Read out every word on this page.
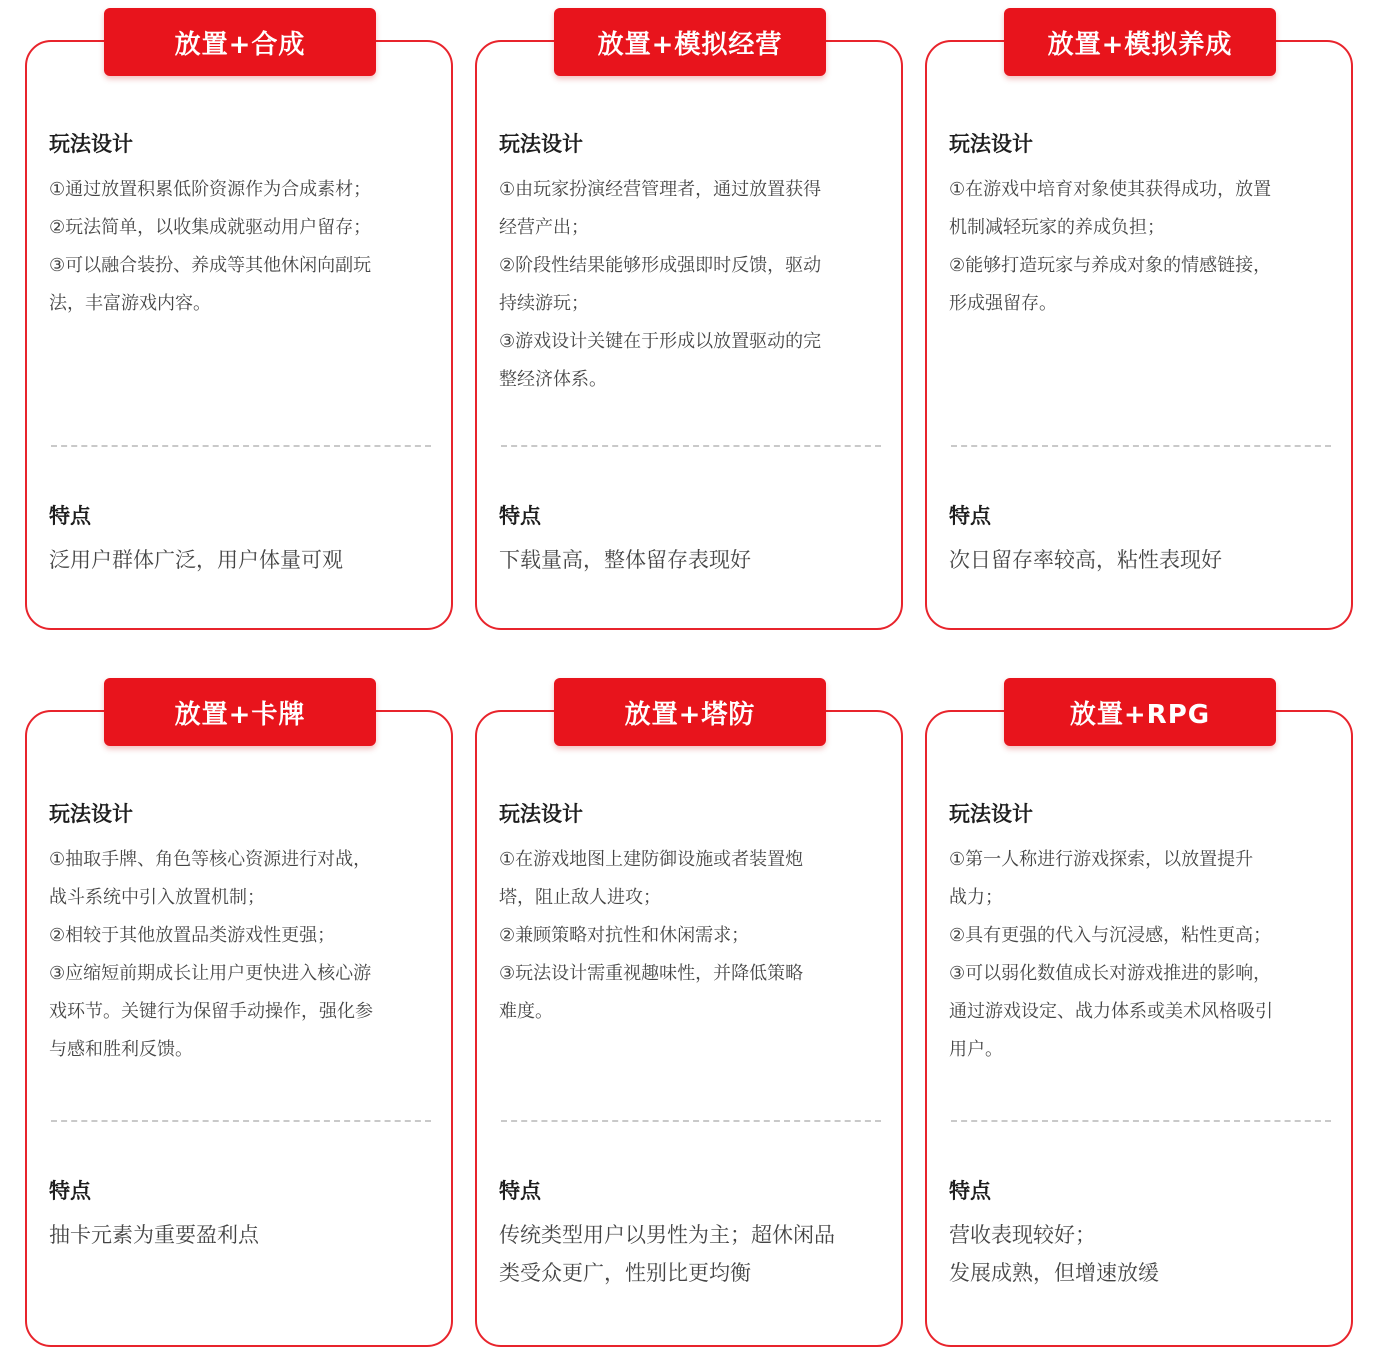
放置+合成
玩法设计
①通过放置积累低阶资源作为合成素材；
②玩法简单，以收集成就驱动用户留存；
③可以融合装扮、养成等其他休闲向副玩
法，丰富游戏内容。
特点
泛用户群体广泛，用户体量可观
放置+模拟经营
玩法设计
①由玩家扮演经营管理者，通过放置获得
经营产出；
②阶段性结果能够形成强即时反馈，驱动
持续游玩；
③游戏设计关键在于形成以放置驱动的完
整经济体系。
特点
下载量高，整体留存表现好
放置+模拟养成
玩法设计
①在游戏中培育对象使其获得成功，放置
机制减轻玩家的养成负担；
②能够打造玩家与养成对象的情感链接，
形成强留存。
特点
次日留存率较高，粘性表现好
放置+卡牌
玩法设计
①抽取手牌、角色等核心资源进行对战，
战斗系统中引入放置机制；
②相较于其他放置品类游戏性更强；
③应缩短前期成长让用户更快进入核心游
戏环节。关键行为保留手动操作，强化参
与感和胜利反馈。
特点
抽卡元素为重要盈利点
放置+塔防
玩法设计
①在游戏地图上建防御设施或者装置炮
塔，阻止敌人进攻；
②兼顾策略对抗性和休闲需求；
③玩法设计需重视趣味性，并降低策略
难度。
特点
传统类型用户以男性为主；超休闲品
类受众更广，性别比更均衡
放置+RPG
玩法设计
①第一人称进行游戏探索，以放置提升
战力；
②具有更强的代入与沉浸感，粘性更高；
③可以弱化数值成长对游戏推进的影响，
通过游戏设定、战力体系或美术风格吸引
用户。
特点
营收表现较好；
发展成熟，但增速放缓
